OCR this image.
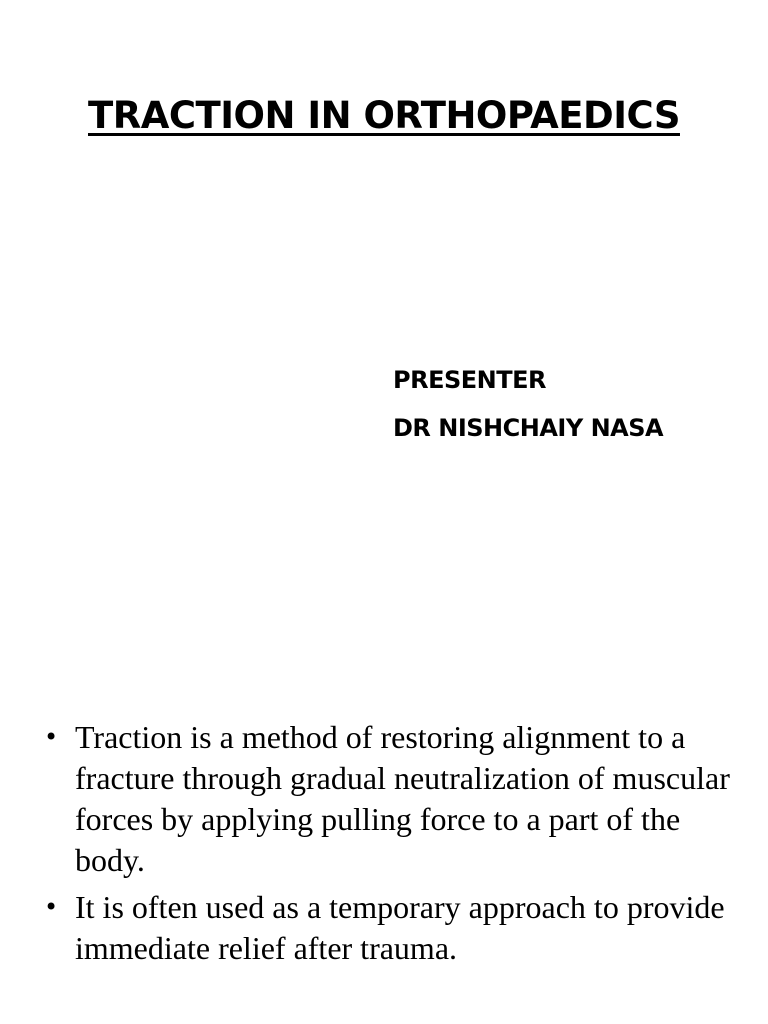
TRACTION IN ORTHOPAEDICS
PRESENTER
DR NISHCHAIY NASA
• Traction is a method of restoring alignment to a fracture through gradual neutralization of muscular forces by applying pulling force to a part of the body.
• It is often used as a temporary approach to provide immediate relief after trauma.
